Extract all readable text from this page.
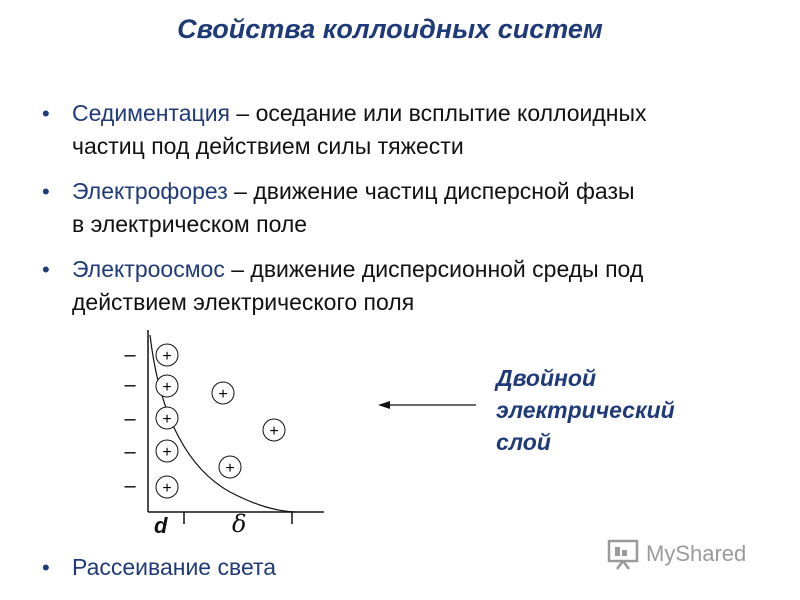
Свойства коллоидных систем
• Седиментация – оседание или всплытие коллоидных
частиц под действием силы тяжести
• Электрофорез – движение частиц дисперсной фазы
в электрическом поле
• Электроосмос – движение дисперсионной среды под
действием электрического поля
• Рассеивание света
–
–
–
–
–
+
+
+
+
+
+
+
+
d	δ
Двойной
электрический
слой
MyShared
